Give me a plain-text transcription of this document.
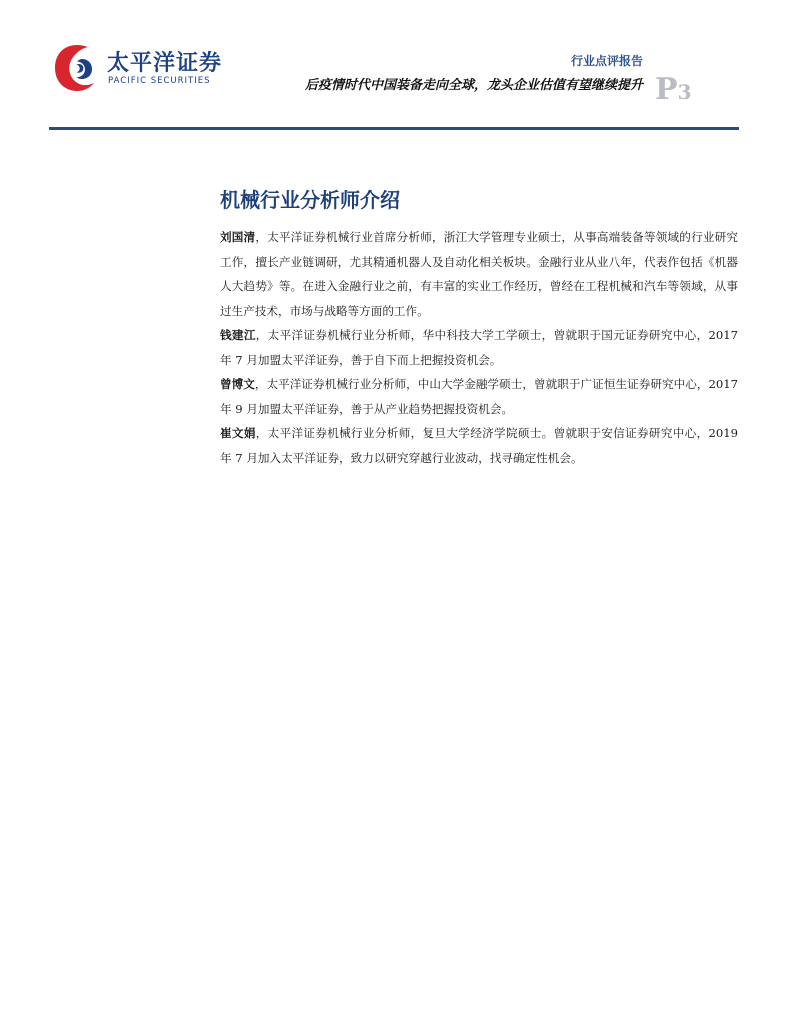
太平洋证券
PACIFIC SECURITIES
行业点评报告
后疫情时代中国装备走向全球，龙头企业估值有望继续提升 P3
机械行业分析师介绍

刘国清，太平洋证券机械行业首席分析师，浙江大学管理专业硕士，从事高端装备等领域的行业研究工作，擅长产业链调研，尤其精通机器人及自动化相关板块。金融行业从业八年，代表作包括《机器人大趋势》等。在进入金融行业之前，有丰富的实业工作经历，曾经在工程机械和汽车等领域，从事过生产技术，市场与战略等方面的工作。

钱建江，太平洋证券机械行业分析师，华中科技大学工学硕士，曾就职于国元证券研究中心，2017 年 7 月加盟太平洋证券，善于自下而上把握投资机会。

曾博文，太平洋证券机械行业分析师，中山大学金融学硕士，曾就职于广证恒生证券研究中心，2017 年 9 月加盟太平洋证券，善于从产业趋势把握投资机会。

崔文娟，太平洋证券机械行业分析师，复旦大学经济学院硕士。曾就职于安信证券研究中心，2019 年 7 月加入太平洋证券，致力以研究穿越行业波动，找寻确定性机会。
